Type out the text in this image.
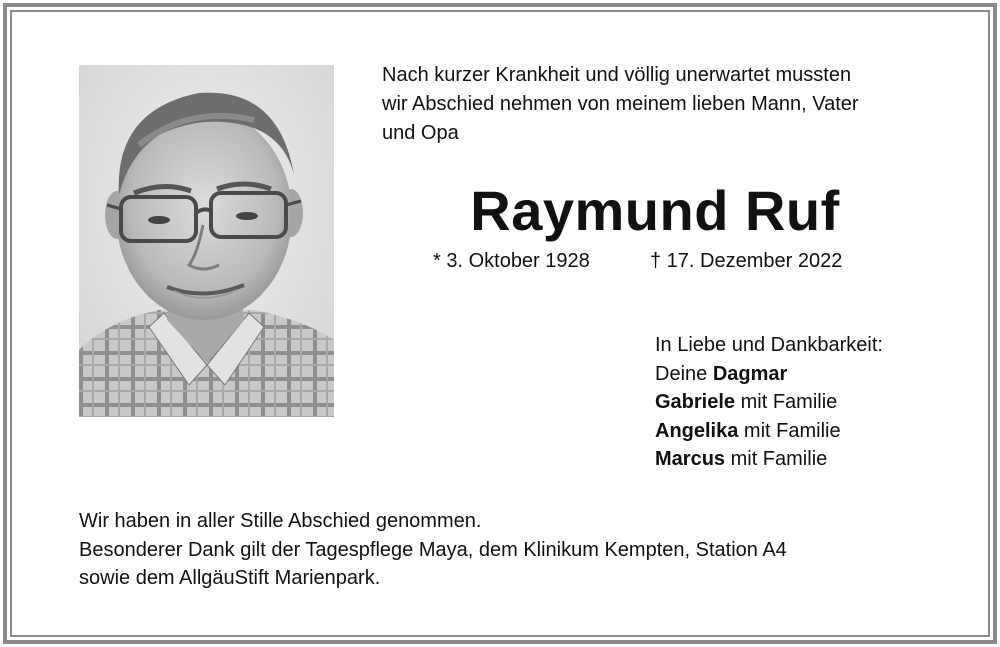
Nach kurzer Krankheit und völlig unerwartet mussten
wir Abschied nehmen von meinem lieben Mann, Vater
und Opa
Raymund Ruf
* 3. Oktober 1928	† 17. Dezember 2022
In Liebe und Dankbarkeit:
Deine Dagmar
Gabriele mit Familie
Angelika mit Familie
Marcus mit Familie
Wir haben in aller Stille Abschied genommen.
Besonderer Dank gilt der Tagespflege Maya, dem Klinikum Kempten, Station A4
sowie dem AllgäuStift Marienpark.
